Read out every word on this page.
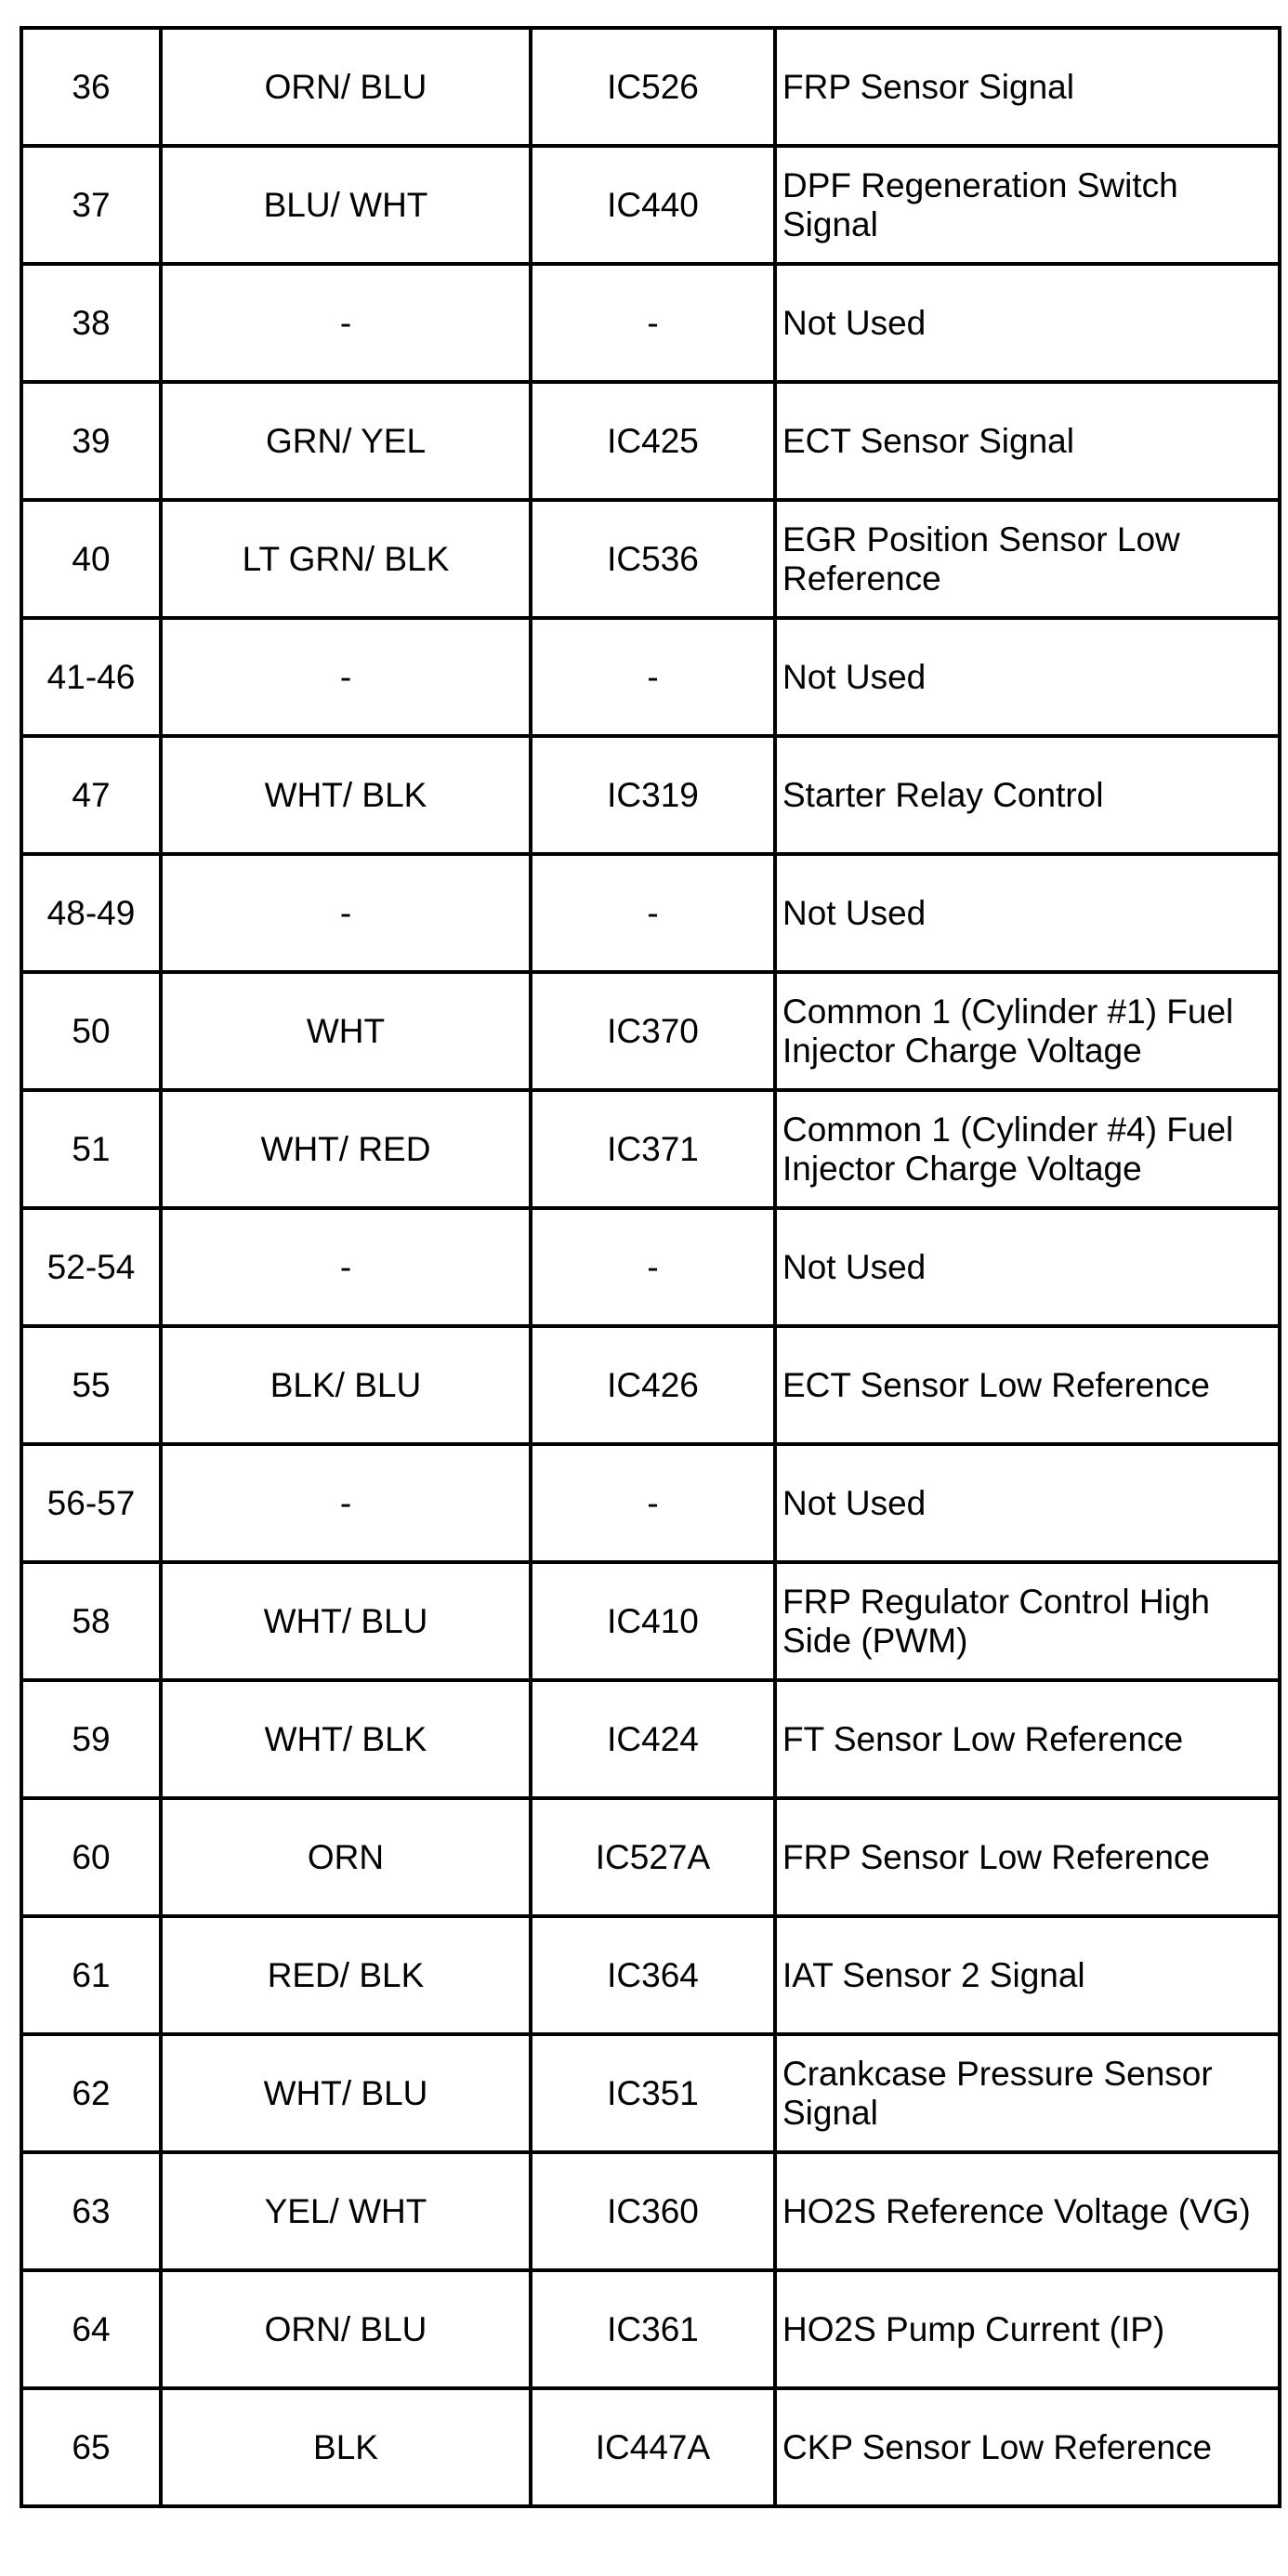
36	ORN/ BLU	IC526	FRP Sensor Signal
37	BLU/ WHT	IC440	DPF Regeneration Switch Signal
38	-	-	Not Used
39	GRN/ YEL	IC425	ECT Sensor Signal
40	LT GRN/ BLK	IC536	EGR Position Sensor Low Reference
41-46	-	-	Not Used
47	WHT/ BLK	IC319	Starter Relay Control
48-49	-	-	Not Used
50	WHT	IC370	Common 1 (Cylinder #1) Fuel Injector Charge Voltage
51	WHT/ RED	IC371	Common 1 (Cylinder #4) Fuel Injector Charge Voltage
52-54	-	-	Not Used
55	BLK/ BLU	IC426	ECT Sensor Low Reference
56-57	-	-	Not Used
58	WHT/ BLU	IC410	FRP Regulator Control High Side (PWM)
59	WHT/ BLK	IC424	FT Sensor Low Reference
60	ORN	IC527A	FRP Sensor Low Reference
61	RED/ BLK	IC364	IAT Sensor 2 Signal
62	WHT/ BLU	IC351	Crankcase Pressure Sensor Signal
63	YEL/ WHT	IC360	HO2S Reference Voltage (VG)
64	ORN/ BLU	IC361	HO2S Pump Current (IP)
65	BLK	IC447A	CKP Sensor Low Reference
